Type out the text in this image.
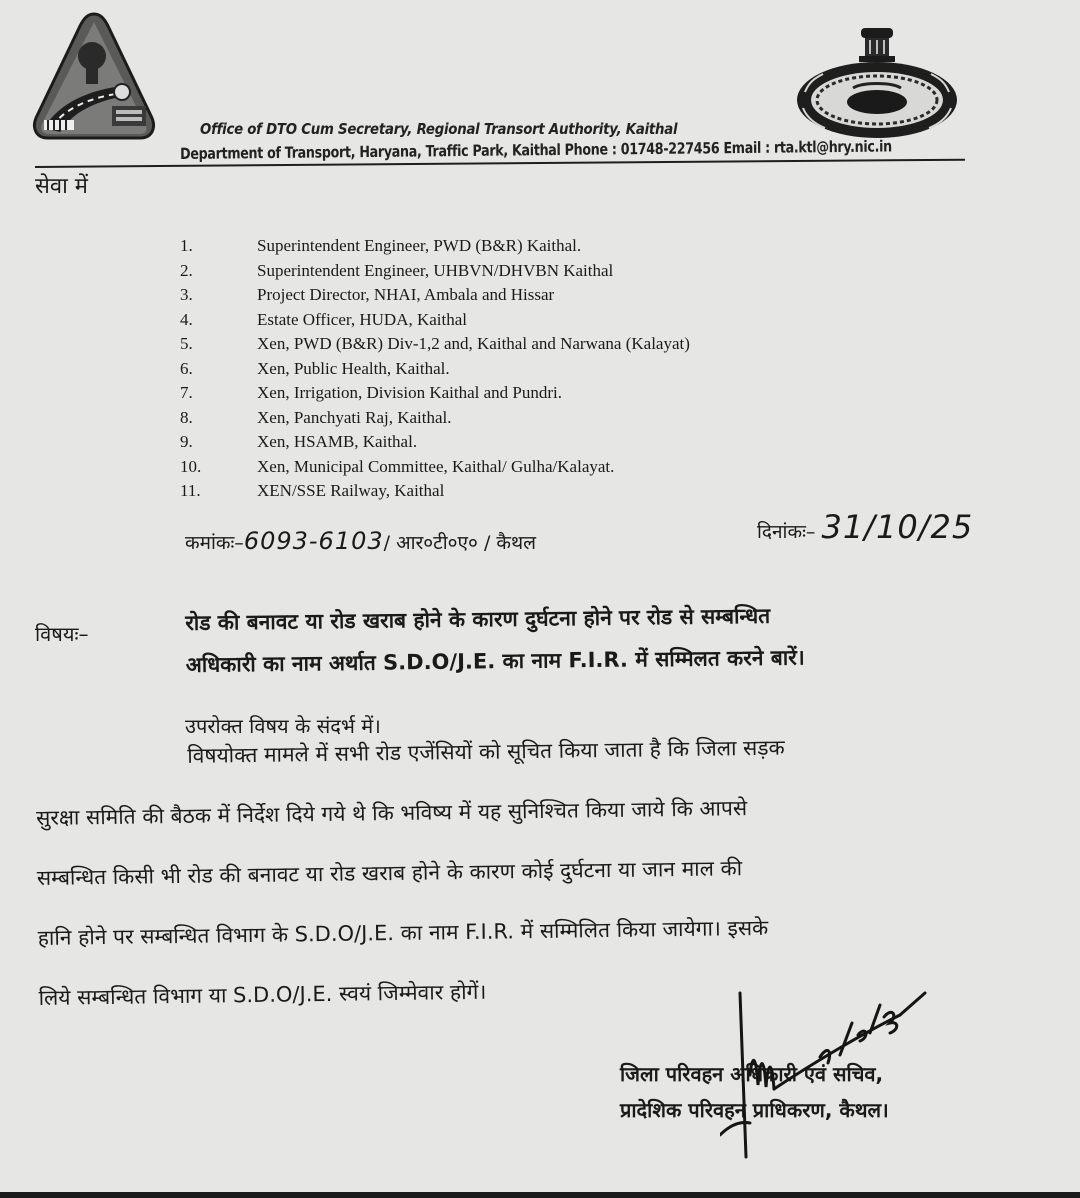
Office of DTO Cum Secretary, Regional Transort Authority, Kaithal
Department of Transport, Haryana, Traffic Park, Kaithal Phone : 01748-227456 Email : rta.ktl@hry.nic.in
सेवा में
1.	Superintendent Engineer, PWD (B&R) Kaithal.
2.	Superintendent Engineer, UHBVN/DHVBN Kaithal
3.	Project Director, NHAI, Ambala and Hissar
4.	Estate Officer, HUDA, Kaithal
5.	Xen, PWD (B&R) Div-1,2 and, Kaithal and Narwana (Kalayat)
6.	Xen, Public Health, Kaithal.
7.	Xen, Irrigation, Division Kaithal and Pundri.
8.	Xen, Panchyati Raj, Kaithal.
9.	Xen, HSAMB, Kaithal.
10.	Xen, Municipal Committee, Kaithal/ Gulha/Kalayat.
11.	XEN/SSE Railway, Kaithal
कमांकः–6093-6103/ आर०टी०ए० / कैथल	दिनांकः– 31/10/25
विषयः–	रोड की बनावट या रोड खराब होने के कारण दुर्घटना होने पर रोड से सम्बन्धित
अधिकारी का नाम अर्थात S.D.O/J.E. का नाम F.I.R. में सम्मिलत करने बारें।
उपरोक्त विषय के संदर्भ में।
विषयोक्त मामले में सभी रोड एजेंसियों को सूचित किया जाता है कि जिला सड़क
सुरक्षा समिति की बैठक में निर्देश दिये गये थे कि भविष्य में यह सुनिश्चित किया जाये कि आपसे
सम्बन्धित किसी भी रोड की बनावट या रोड खराब होने के कारण कोई दुर्घटना या जान माल की
हानि होने पर सम्बन्धित विभाग के S.D.O/J.E. का नाम F.I.R. में सम्मिलित किया जायेगा। इसके
लिये सम्बन्धित विभाग या S.D.O/J.E. स्वयं जिम्मेवार होगें।
जिला परिवहन अधिकारी एवं सचिव,
प्रादेशिक परिवहन प्राधिकरण, कैथल।
